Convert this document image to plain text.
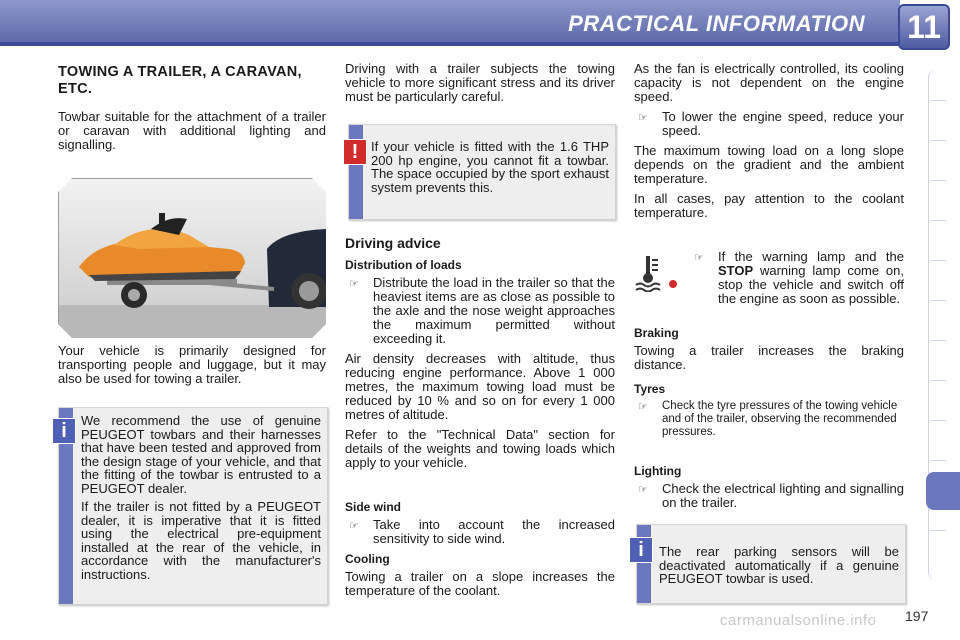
PRACTICAL INFORMATION 11
TOWING A TRAILER, A CARAVAN, ETC.

Towbar suitable for the attachment of a trailer or caravan with additional lighting and signalling.

Your vehicle is primarily designed for transporting people and luggage, but it may also be used for towing a trailer.

We recommend the use of genuine PEUGEOT towbars and their harnesses that have been tested and approved from the design stage of your vehicle, and that the fitting of the towbar is entrusted to a PEUGEOT dealer.

If the trailer is not fitted by a PEUGEOT dealer, it is imperative that it is fitted using the electrical pre-equipment installed at the rear of the vehicle, in accordance with the manufacturer's instructions.

i

Driving with a trailer subjects the towing vehicle to more significant stress and its driver must be particularly careful.

If your vehicle is fitted with the 1.6 THP 200 hp engine, you cannot fit a towbar. The space occupied by the sport exhaust system prevents this.

!
Driving advice
Distribution of loads
☞	Distribute the load in the trailer so that the heaviest items are as close as possible to the axle and the nose weight approaches the maximum permitted without exceeding it.

Air density decreases with altitude, thus reducing engine performance. Above 1 000 metres, the maximum towing load must be reduced by 10 % and so on for every 1 000 metres of altitude.

Refer to the "Technical Data" section for details of the weights and towing loads which apply to your vehicle.

Side wind
☞	Take into account the increased sensitivity to side wind.
Cooling

Towing a trailer on a slope increases the temperature of the coolant.

As the fan is electrically controlled, its cooling capacity is not dependent on the engine speed.

☞	To lower the engine speed, reduce your speed.

The maximum towing load on a long slope depends on the gradient and the ambient temperature.

In all cases, pay attention to the coolant temperature.

☞	If the warning lamp and the STOP warning lamp come on, stop the vehicle and switch off the engine as soon as possible.
Braking

Towing a trailer increases the braking distance.

Tyres
☞	Check the tyre pressures of the towing vehicle and of the trailer, observing the recommended pressures.
Lighting
☞	Check the electrical lighting and signalling on the trailer.

The rear parking sensors will be deactivated automatically if a genuine PEUGEOT towbar is used.

i
carmanualsonline.info 197
